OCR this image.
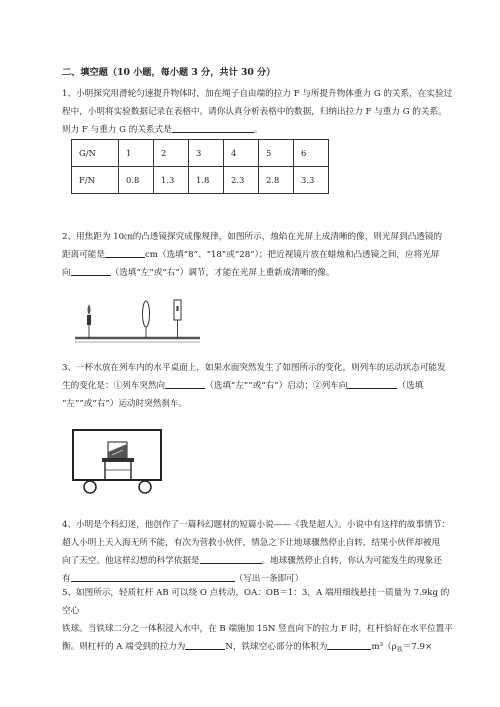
二、填空题（10 小题，每小题 3 分，共计 30 分）
1、小明探究用滑轮匀速提升物体时，加在绳子自由端的拉力 F 与所提升物体重力 G 的关系，在实验过
程中，小明将实验数据记录在表格中。请你认真分析表格中的数据，归纳出拉力 F 与重力 G 的关系。
则力 F 与重力 G 的关系式是	。
G/N	1	2	3	4	5	6
F/N	0.8	1.3	1.8	2.3	2.8	3.3
2、用焦距为 10㎝的凸透镜探究成像规律，如图所示，烛焰在光屏上成清晰的像，则光屏到凸透镜的
距离可能是	cm（选填“8”、“18”或“28”）；把近视镜片放在蜡烛和凸透镜之间，应将光屏
向	（选填“左”或“右”）调节，才能在光屏上重新成清晰的像。
3、一杯水放在列车内的水平桌面上，如果水面突然发生了如图所示的变化，则列车的运动状态可能发
生的变化是：①列车突然向	（选填“左””或“右”）启动；②列车向	（选填
“左””或“右”）运动时突然刹车。
4、小明是个科幻迷，他创作了一篇科幻题材的短篇小说——《我是超人》。小说中有这样的故事情节：
超人小明上天入海无所不能，有次为营救小伙伴，情急之下让地球骤然停止自转，结果小伙伴却被甩
向了天空。他这样幻想的科学依据是	。地球骤然停止自转，你认为可能发生的现象还
有	（写出一条即可）
5、如图所示，轻质杠杆 AB 可以绕 O 点转动，OA：OB＝1：3，A 端用细线悬挂一质量为 7.9kg 的空心
铁球。当铁球二分之一体积浸入水中，在 B 端施加 15N 竖直向下的拉力 F 时，杠杆恰好在水平位置平
衡。则杠杆的 A 端受到的拉力为	N，铁球空心部分的体积为	$m^3(\rho_铁=7.9\times$
